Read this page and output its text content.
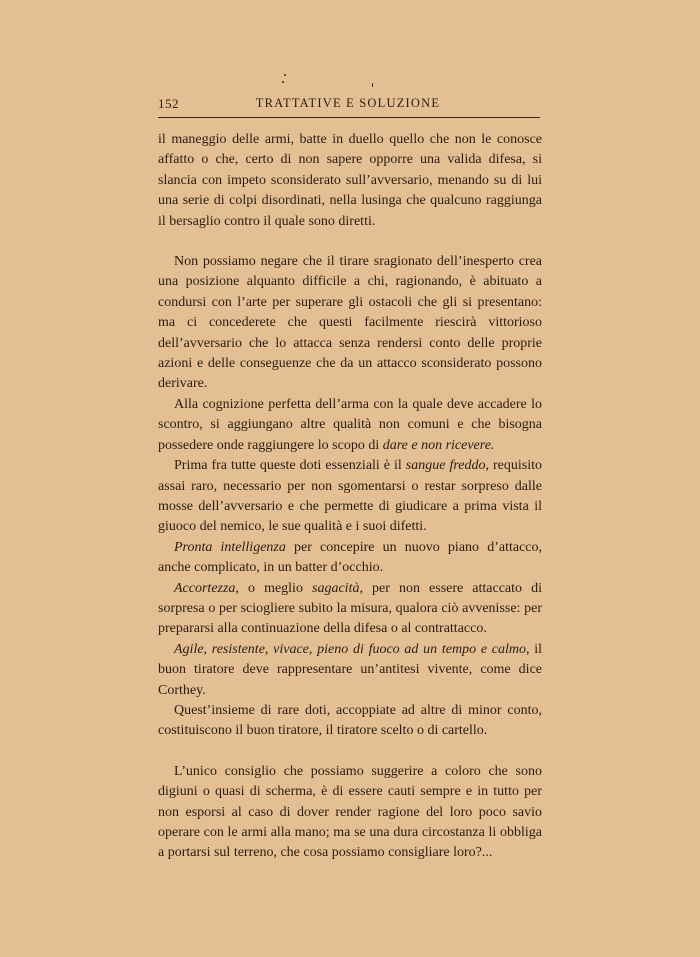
152	TRATTATIVE E SOLUZIONE

il maneggio delle armi, batte in duello quello che non le conosce affatto o che, certo di non sapere opporre una valida difesa, si slancia con impeto sconsiderato sull’avversario, menando su di lui una serie di colpi disordinati, nella lusinga che qualcuno raggiunga il bersaglio contro il quale sono diretti.

Non possiamo negare che il tirare sragionato dell’inesperto crea una posizione alquanto difficile a chi, ragionando, è abituato a condursi con l’arte per superare gli ostacoli che gli si presentano: ma ci concederete che questi facilmente riescirà vittorioso dell’avversario che lo attacca senza rendersi conto delle proprie azioni e delle conseguenze che da un attacco sconsiderato possono derivare.

Alla cognizione perfetta dell’arma con la quale deve accadere lo scontro, si aggiungano altre qualità non comuni e che bisogna possedere onde raggiungere lo scopo di dare e non ricevere.

Prima fra tutte queste doti essenziali è il sangue freddo, requisito assai raro, necessario per non sgomentarsi o restar sorpreso dalle mosse dell’avversario e che permette di giudicare a prima vista il giuoco del nemico, le sue qualità e i suoi difetti.

Pronta intelligenza per concepire un nuovo piano d’attacco, anche complicato, in un batter d’occhio.

Accortezza, o meglio sagacità, per non essere attaccato di sorpresa o per sciogliere subito la misura, qualora ciò avvenisse: per prepararsi alla continuazione della difesa o al contrattacco.

Agile, resistente, vivace, pieno di fuoco ad un tempo e calmo, il buon tiratore deve rappresentare un’antitesi vivente, come dice Corthey.

Quest’insieme di rare doti, accoppiate ad altre di minor conto, costituiscono il buon tiratore, il tiratore scelto o di cartello.

L’unico consiglio che possiamo suggerire a coloro che sono digiuni o quasi di scherma, è di essere cauti sempre e in tutto per non esporsi al caso di dover render ragione del loro poco savio operare con le armi alla mano; ma se una dura circostanza li obbliga a portarsi sul terreno, che cosa possiamo consigliare loro?...
